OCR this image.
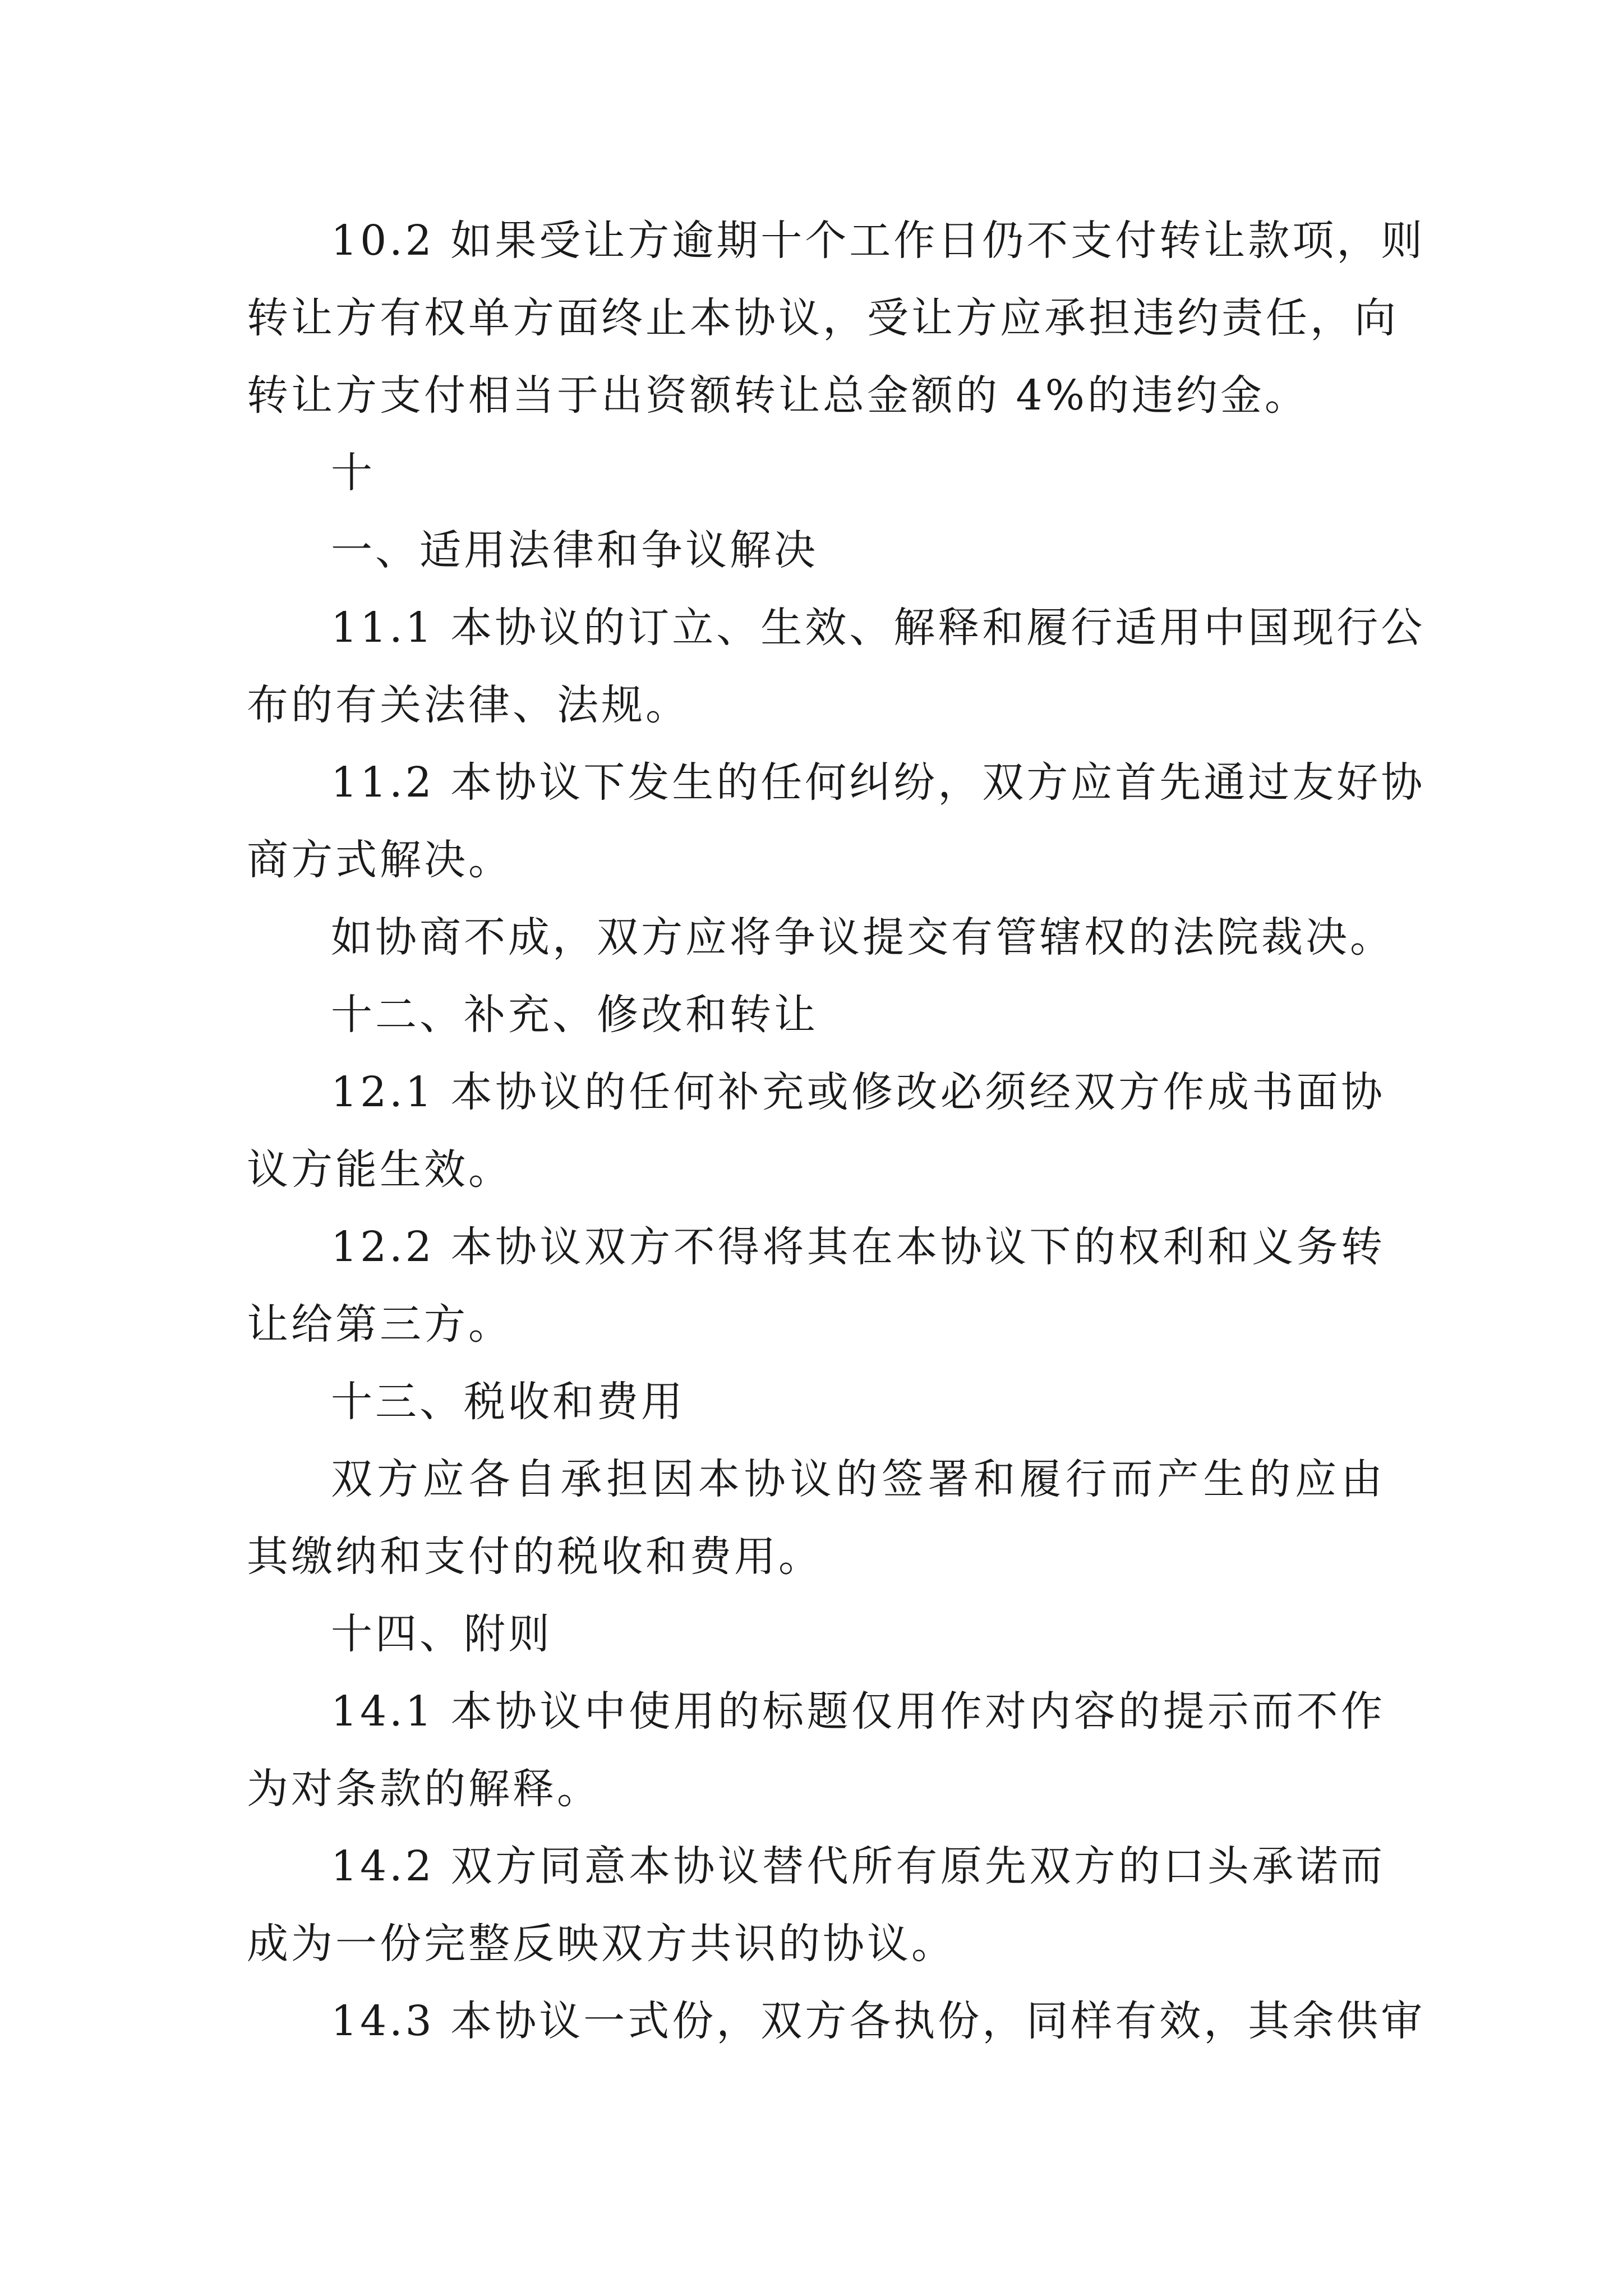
10.2 如果受让方逾期十个工作日仍不支付转让款项，则
转让方有权单方面终止本协议，受让方应承担违约责任，向
转让方支付相当于出资额转让总金额的 4%的违约金。
十
一、适用法律和争议解决
11.1 本协议的订立、生效、解释和履行适用中国现行公
布的有关法律、法规。
11.2 本协议下发生的任何纠纷，双方应首先通过友好协
商方式解决。
如协商不成，双方应将争议提交有管辖权的法院裁决。
十二、补充、修改和转让
12.1 本协议的任何补充或修改必须经双方作成书面协
议方能生效。
12.2 本协议双方不得将其在本协议下的权利和义务转
让给第三方。
十三、税收和费用
双方应各自承担因本协议的签署和履行而产生的应由
其缴纳和支付的税收和费用。
十四、附则
14.1 本协议中使用的标题仅用作对内容的提示而不作
为对条款的解释。
14.2 双方同意本协议替代所有原先双方的口头承诺而
成为一份完整反映双方共识的协议。
14.3 本协议一式份，双方各执份，同样有效，其余供审
